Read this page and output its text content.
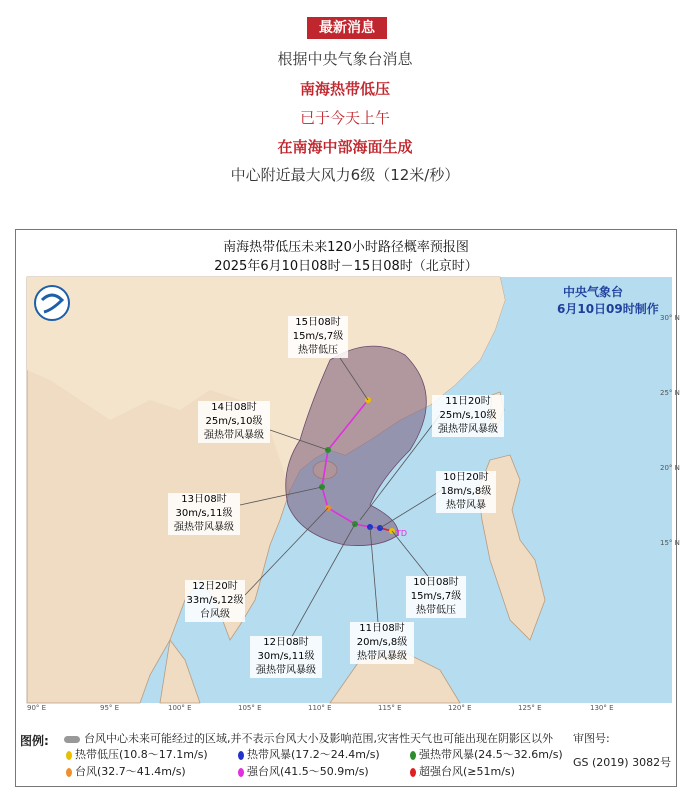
最新消息
根据中央气象台消息
南海热带低压
已于今天上午
在南海中部海面生成
中心附近最大风力6级（12米/秒）
南海热带低压未来120小时路径概率预报图
2025年6月10日08时－15日08时（北京时）
TD
中央气象台
6月10日09时制作
90° E	95° E	100° E	105° E	110° E	115° E	120° E	125° E	130° E
15° N
20° N
25° N
30° N
15日08时
15m/s,7级
热带低压
14日08时
25m/s,10级
强热带风暴级
13日08时
30m/s,11级
强热带风暴级
12日20时
33m/s,12级
台风级
12日08时
30m/s,11级
强热带风暴级
11日08时
20m/s,8级
热带风暴级
10日08时
15m/s,7级
热带低压
10日20时
18m/s,8级
热带风暴
11日20时
25m/s,10级
强热带风暴级
图例:	台风中心未来可能经过的区域,并不表示台风大小及影响范围,灾害性天气也可能出现在阴影区以外
热带低压(10.8～17.1m/s)	热带风暴(17.2～24.4m/s)	强热带风暴(24.5～32.6m/s)
台风(32.7～41.4m/s)	强台风(41.5～50.9m/s)	超强台风(≥51m/s)
审图号:
GS (2019) 3082号
